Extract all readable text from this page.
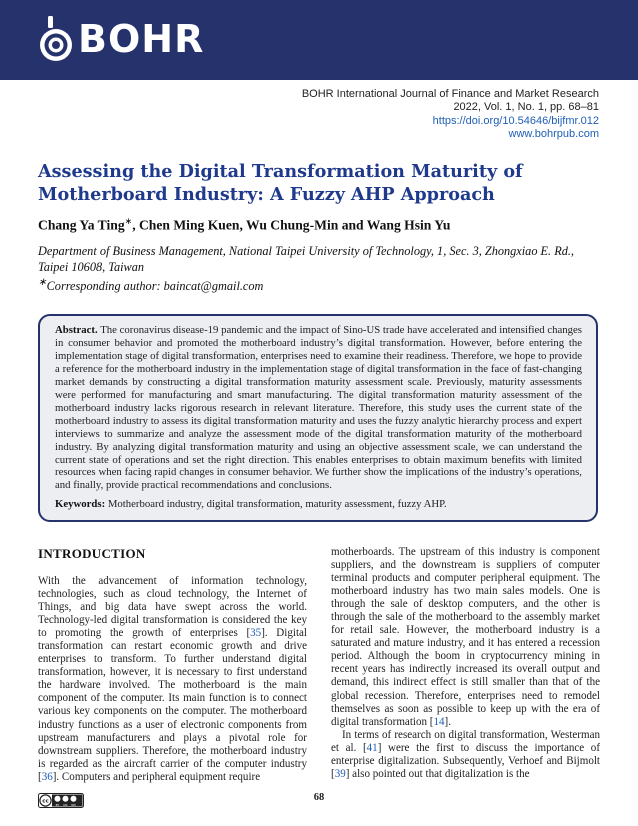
BOHR
BOHR International Journal of Finance and Market Research
2022, Vol. 1, No. 1, pp. 68–81
https://doi.org/10.54646/bijfmr.012
www.bohrpub.com
Assessing the Digital Transformation Maturity of Motherboard Industry: A Fuzzy AHP Approach
Chang Ya Ting∗, Chen Ming Kuen, Wu Chung-Min and Wang Hsin Yu
Department of Business Management, National Taipei University of Technology, 1, Sec. 3, Zhongxiao E. Rd., Taipei 10608, Taiwan
∗Corresponding author: baincat@gmail.com

Abstract. The coronavirus disease-19 pandemic and the impact of Sino-US trade have accelerated and intensified changes in consumer behavior and promoted the motherboard industry’s digital transformation. However, before entering the implementation stage of digital transformation, enterprises need to examine their readiness. Therefore, we hope to provide a reference for the motherboard industry in the implementation stage of digital transformation in the face of fast-changing market demands by constructing a digital transformation maturity assessment scale. Previously, maturity assessments were performed for manufacturing and smart manufacturing. The digital transformation maturity assessment of the motherboard industry lacks rigorous research in relevant literature. Therefore, this study uses the current state of the motherboard industry to assess its digital transformation maturity and uses the fuzzy analytic hierarchy process and expert interviews to summarize and analyze the assessment mode of the digital transformation maturity of the motherboard industry. By analyzing digital transformation maturity and using an objective assessment scale, we can understand the current state of operations and set the right direction. This enables enterprises to obtain maximum benefits with limited resources when facing rapid changes in consumer behavior. We further show the implications of the industry’s operations, and finally, provide practical recommendations and conclusions.

Keywords: Motherboard industry, digital transformation, maturity assessment, fuzzy AHP.

INTRODUCTION

With the advancement of information technology, technologies, such as cloud technology, the Internet of Things, and big data have swept across the world. Technology-led digital transformation is considered the key to promoting the growth of enterprises [35]. Digital transformation can restart economic growth and drive enterprises to transform. To further understand digital transformation, however, it is necessary to first understand the hardware involved. The motherboard is the main component of the computer. Its main function is to connect various key components on the computer. The motherboard industry functions as a user of electronic components from upstream manufacturers and plays a pivotal role for downstream suppliers. Therefore, the motherboard industry is regarded as the aircraft carrier of the computer industry [36]. Computers and peripheral equipment require

motherboards. The upstream of this industry is component suppliers, and the downstream is suppliers of computer terminal products and computer peripheral equipment. The motherboard industry has two main sales models. One is through the sale of desktop computers, and the other is through the sale of the motherboard to the assembly market for retail sale. However, the motherboard industry is a saturated and mature industry, and it has entered a recession period. Although the boom in cryptocurrency mining in recent years has indirectly increased its overall output and demand, this indirect effect is still smaller than that of the global recession. Therefore, enterprises need to remodel themselves as soon as possible to keep up with the era of digital transformation [14].

In terms of research on digital transformation, Westerman et al. [41] were the first to discuss the importance of enterprise digitalization. Subsequently, Verhoef and Bijmolt [39] also pointed out that digitalization is the

cc
BY NC ND
68
